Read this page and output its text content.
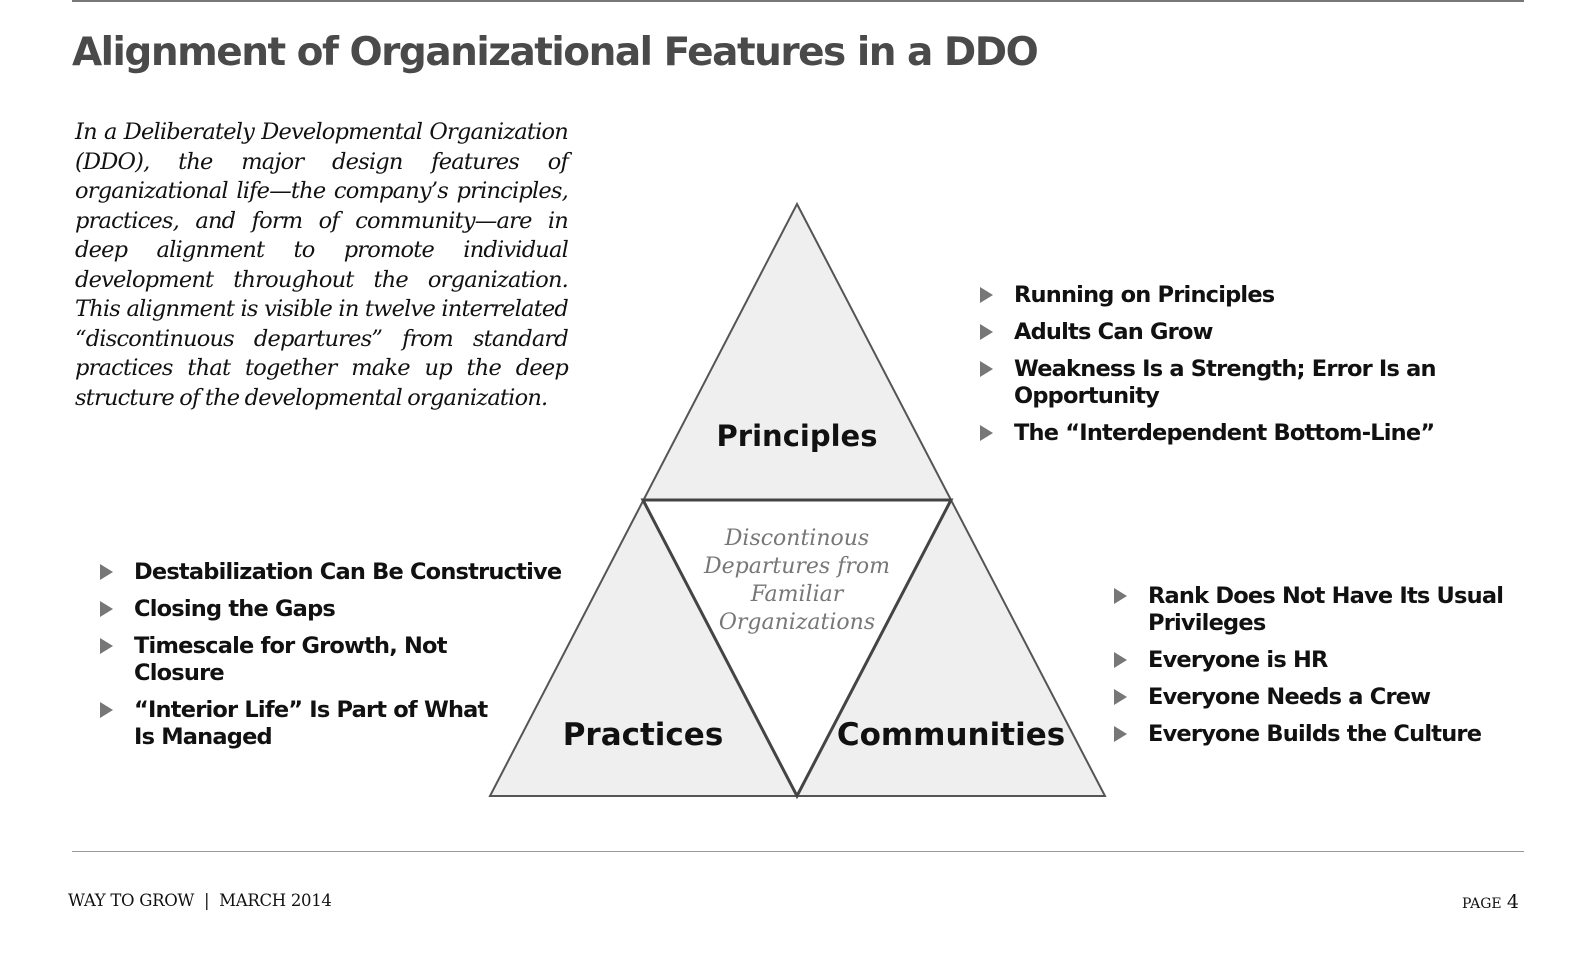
Alignment of Organizational Features in a DDO
In a Deliberately Developmental Organization (DDO), the major design features of organizational life—the company’s principles, practices, and form of community—are in deep alignment to promote individual development throughout the organization. This alignment is visible in twelve interrelated “discontinuous departures” from standard practices that together make up the deep structure of the developmental organization.
Principles
Practices	Communities
Discontinous
Departures from
Familiar
Organizations
Running on Principles
Adults Can Grow
Weakness Is a Strength; Error Is an Opportunity
The “Interdependent Bottom-Line”
Destabilization Can Be Constructive
Closing the Gaps
Timescale for Growth, Not Closure
“Interior Life” Is Part of What Is Managed
Rank Does Not Have Its Usual Privileges
Everyone is HR
Everyone Needs a Crew
Everyone Builds the Culture
WAY TO GROW  |  MARCH 2014	PAGE 4
